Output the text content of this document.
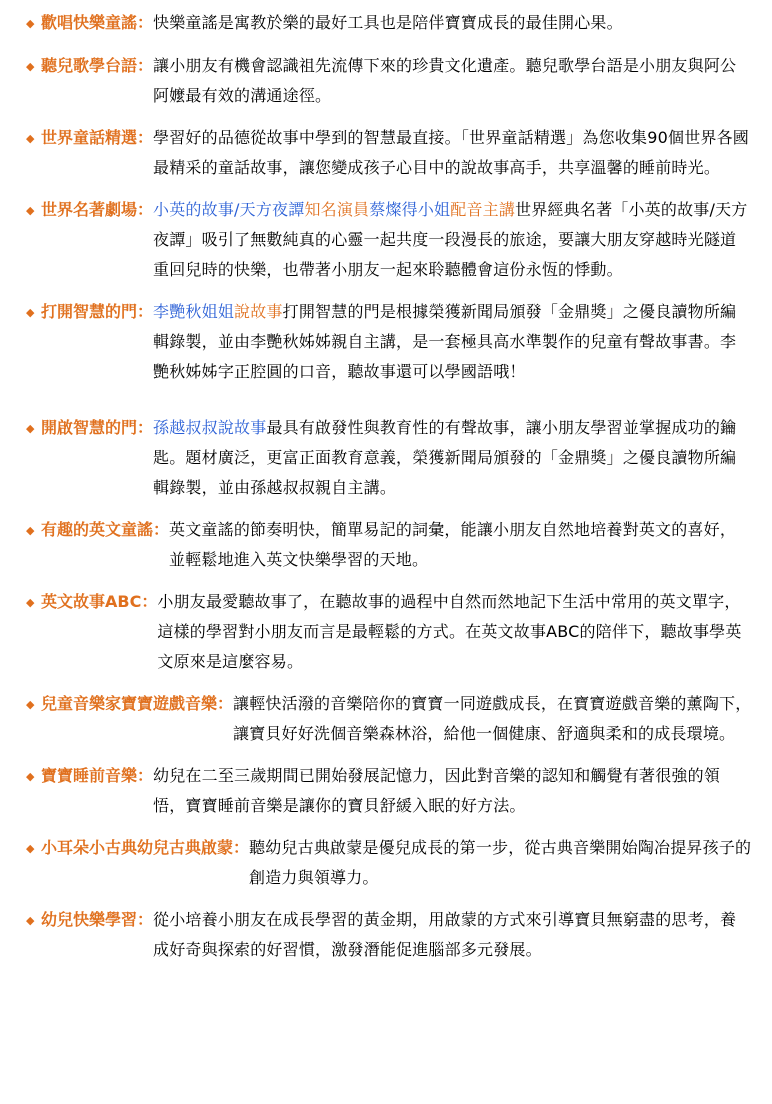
◆ 歡唱快樂童謠： 快樂童謠是寓教於樂的最好工具也是陪伴寶寶成長的最佳開心果。
◆ 聽兒歌學台語： 讓小朋友有機會認識祖先流傳下來的珍貴文化遺產。聽兒歌學台語是小朋友與阿公阿嬤最有效的溝通途徑。
◆ 世界童話精選： 學習好的品德從故事中學到的智慧最直接。「世界童話精選」為您收集90個世界各國最精采的童話故事，讓您變成孩子心目中的說故事高手，共享溫馨的睡前時光。
◆ 世界名著劇場： 小英的故事/天方夜譚知名演員蔡燦得小姐配音主講世界經典名著「小英的故事/天方夜譚」吸引了無數純真的心靈一起共度一段漫長的旅途，要讓大朋友穿越時光隧道重回兒時的快樂，也帶著小朋友一起來聆聽體會這份永恆的悸動。
◆ 打開智慧的門： 李艷秋姐姐說故事打開智慧的門是根據榮獲新聞局頒發「金鼎獎」之優良讀物所編輯錄製，並由李艷秋姊姊親自主講，是一套極具高水準製作的兒童有聲故事書。李艷秋姊姊字正腔圓的口音，聽故事還可以學國語哦！
◆ 開啟智慧的門： 孫越叔叔說故事最具有啟發性與教育性的有聲故事，讓小朋友學習並掌握成功的鑰匙。題材廣泛，更富正面教育意義，榮獲新聞局頒發的「金鼎獎」之優良讀物所編輯錄製，並由孫越叔叔親自主講。
◆ 有趣的英文童謠： 英文童謠的節奏明快，簡單易記的詞彙，能讓小朋友自然地培養對英文的喜好，並輕鬆地進入英文快樂學習的天地。
◆ 英文故事ABC： 小朋友最愛聽故事了，在聽故事的過程中自然而然地記下生活中常用的英文單字，這樣的學習對小朋友而言是最輕鬆的方式。在英文故事ABC的陪伴下，聽故事學英文原來是這麼容易。
◆ 兒童音樂家寶寶遊戲音樂： 讓輕快活潑的音樂陪你的寶寶一同遊戲成長，在寶寶遊戲音樂的薰陶下，讓寶貝好好洗個音樂森林浴，給他一個健康、舒適與柔和的成長環境。
◆ 寶寶睡前音樂： 幼兒在二至三歲期間已開始發展記憶力，因此對音樂的認知和觸覺有著很強的領悟，寶寶睡前音樂是讓你的寶貝舒緩入眠的好方法。
◆ 小耳朵小古典幼兒古典啟蒙： 聽幼兒古典啟蒙是優兒成長的第一步，從古典音樂開始陶冶提昇孩子的創造力與領導力。
◆ 幼兒快樂學習： 從小培養小朋友在成長學習的黃金期，用啟蒙的方式來引導寶貝無窮盡的思考，養成好奇與探索的好習慣，激發潛能促進腦部多元發展。
